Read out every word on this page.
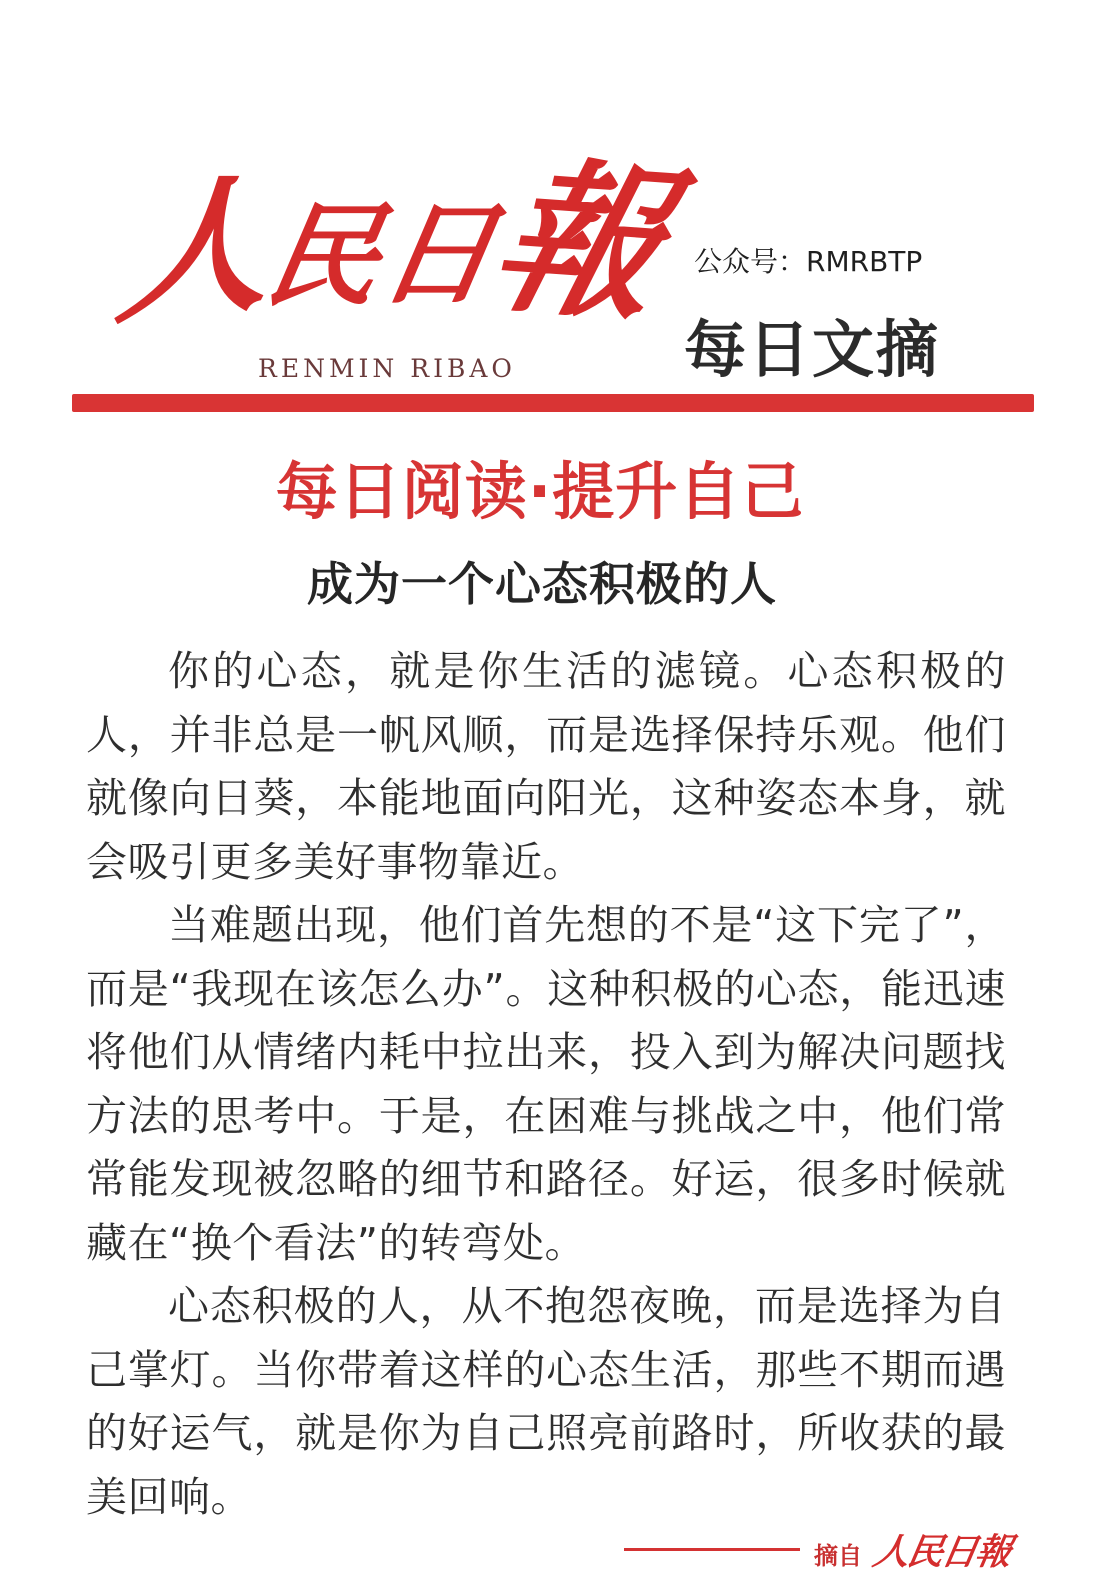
人
民
日
報
RENMIN RIBAO
公众号：RMRBTP
每日文摘
每日阅读·提升自己
成为一个心态积极的人

你的心态，就是你生活的滤镜。心态积极的人，并非总是一帆风顺，而是选择保持乐观。他们就像向日葵，本能地面向阳光，这种姿态本身，就会吸引更多美好事物靠近。

当难题出现，他们首先想的不是“这下完了”，而是“我现在该怎么办”。这种积极的心态，能迅速将他们从情绪内耗中拉出来，投入到为解决问题找方法的思考中。于是，在困难与挑战之中，他们常常能发现被忽略的细节和路径。好运，很多时候就藏在“换个看法”的转弯处。

心态积极的人，从不抱怨夜晚，而是选择为自己掌灯。当你带着这样的心态生活，那些不期而遇的好运气，就是你为自己照亮前路时，所收获的最美回响。

摘自 人民日報
